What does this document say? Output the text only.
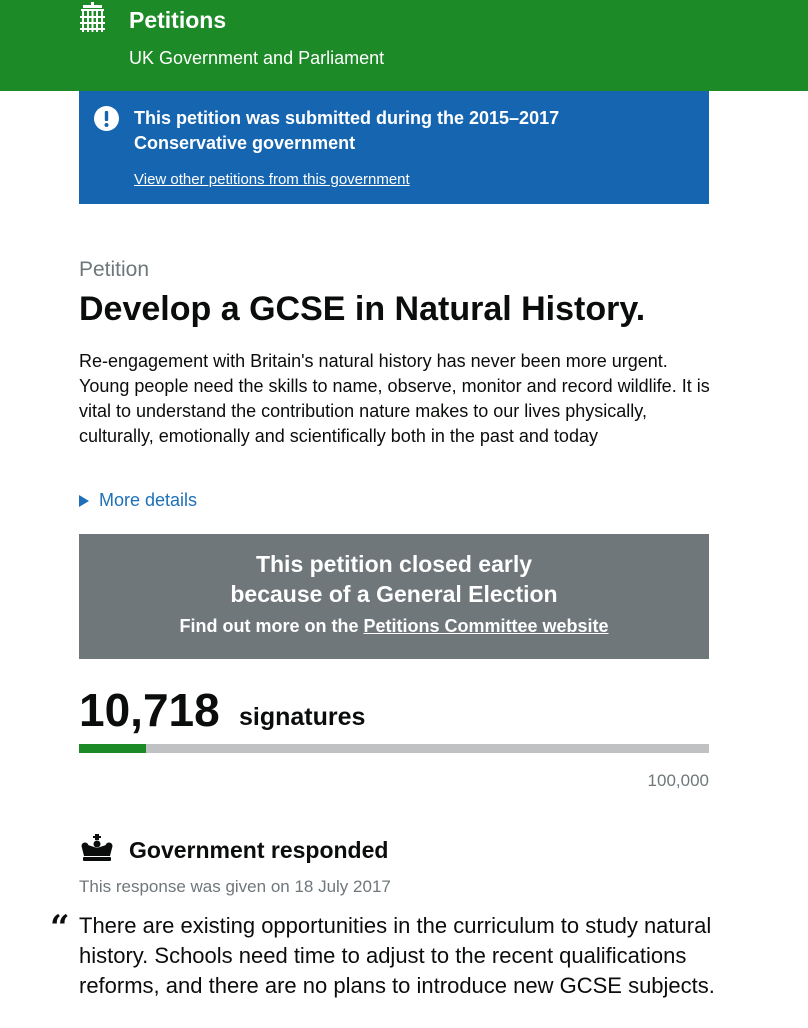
Petitions
UK Government and Parliament
This petition was submitted during the 2015–2017 Conservative government
View other petitions from this government
Petition
Develop a GCSE in Natural History.

Re-engagement with Britain's natural history has never been more urgent. Young people need the skills to name, observe, monitor and record wildlife. It is vital to understand the contribution nature makes to our lives physically, culturally, emotionally and scientifically both in the past and today

More details
This petition closed early because of a General Election
Find out more on the Petitions Committee website
10,718 signatures
100,000
Government responded
This response was given on 18 July 2017
“ There are existing opportunities in the curriculum to study natural history. Schools need time to adjust to the recent qualifications reforms, and there are no plans to introduce new GCSE subjects.
